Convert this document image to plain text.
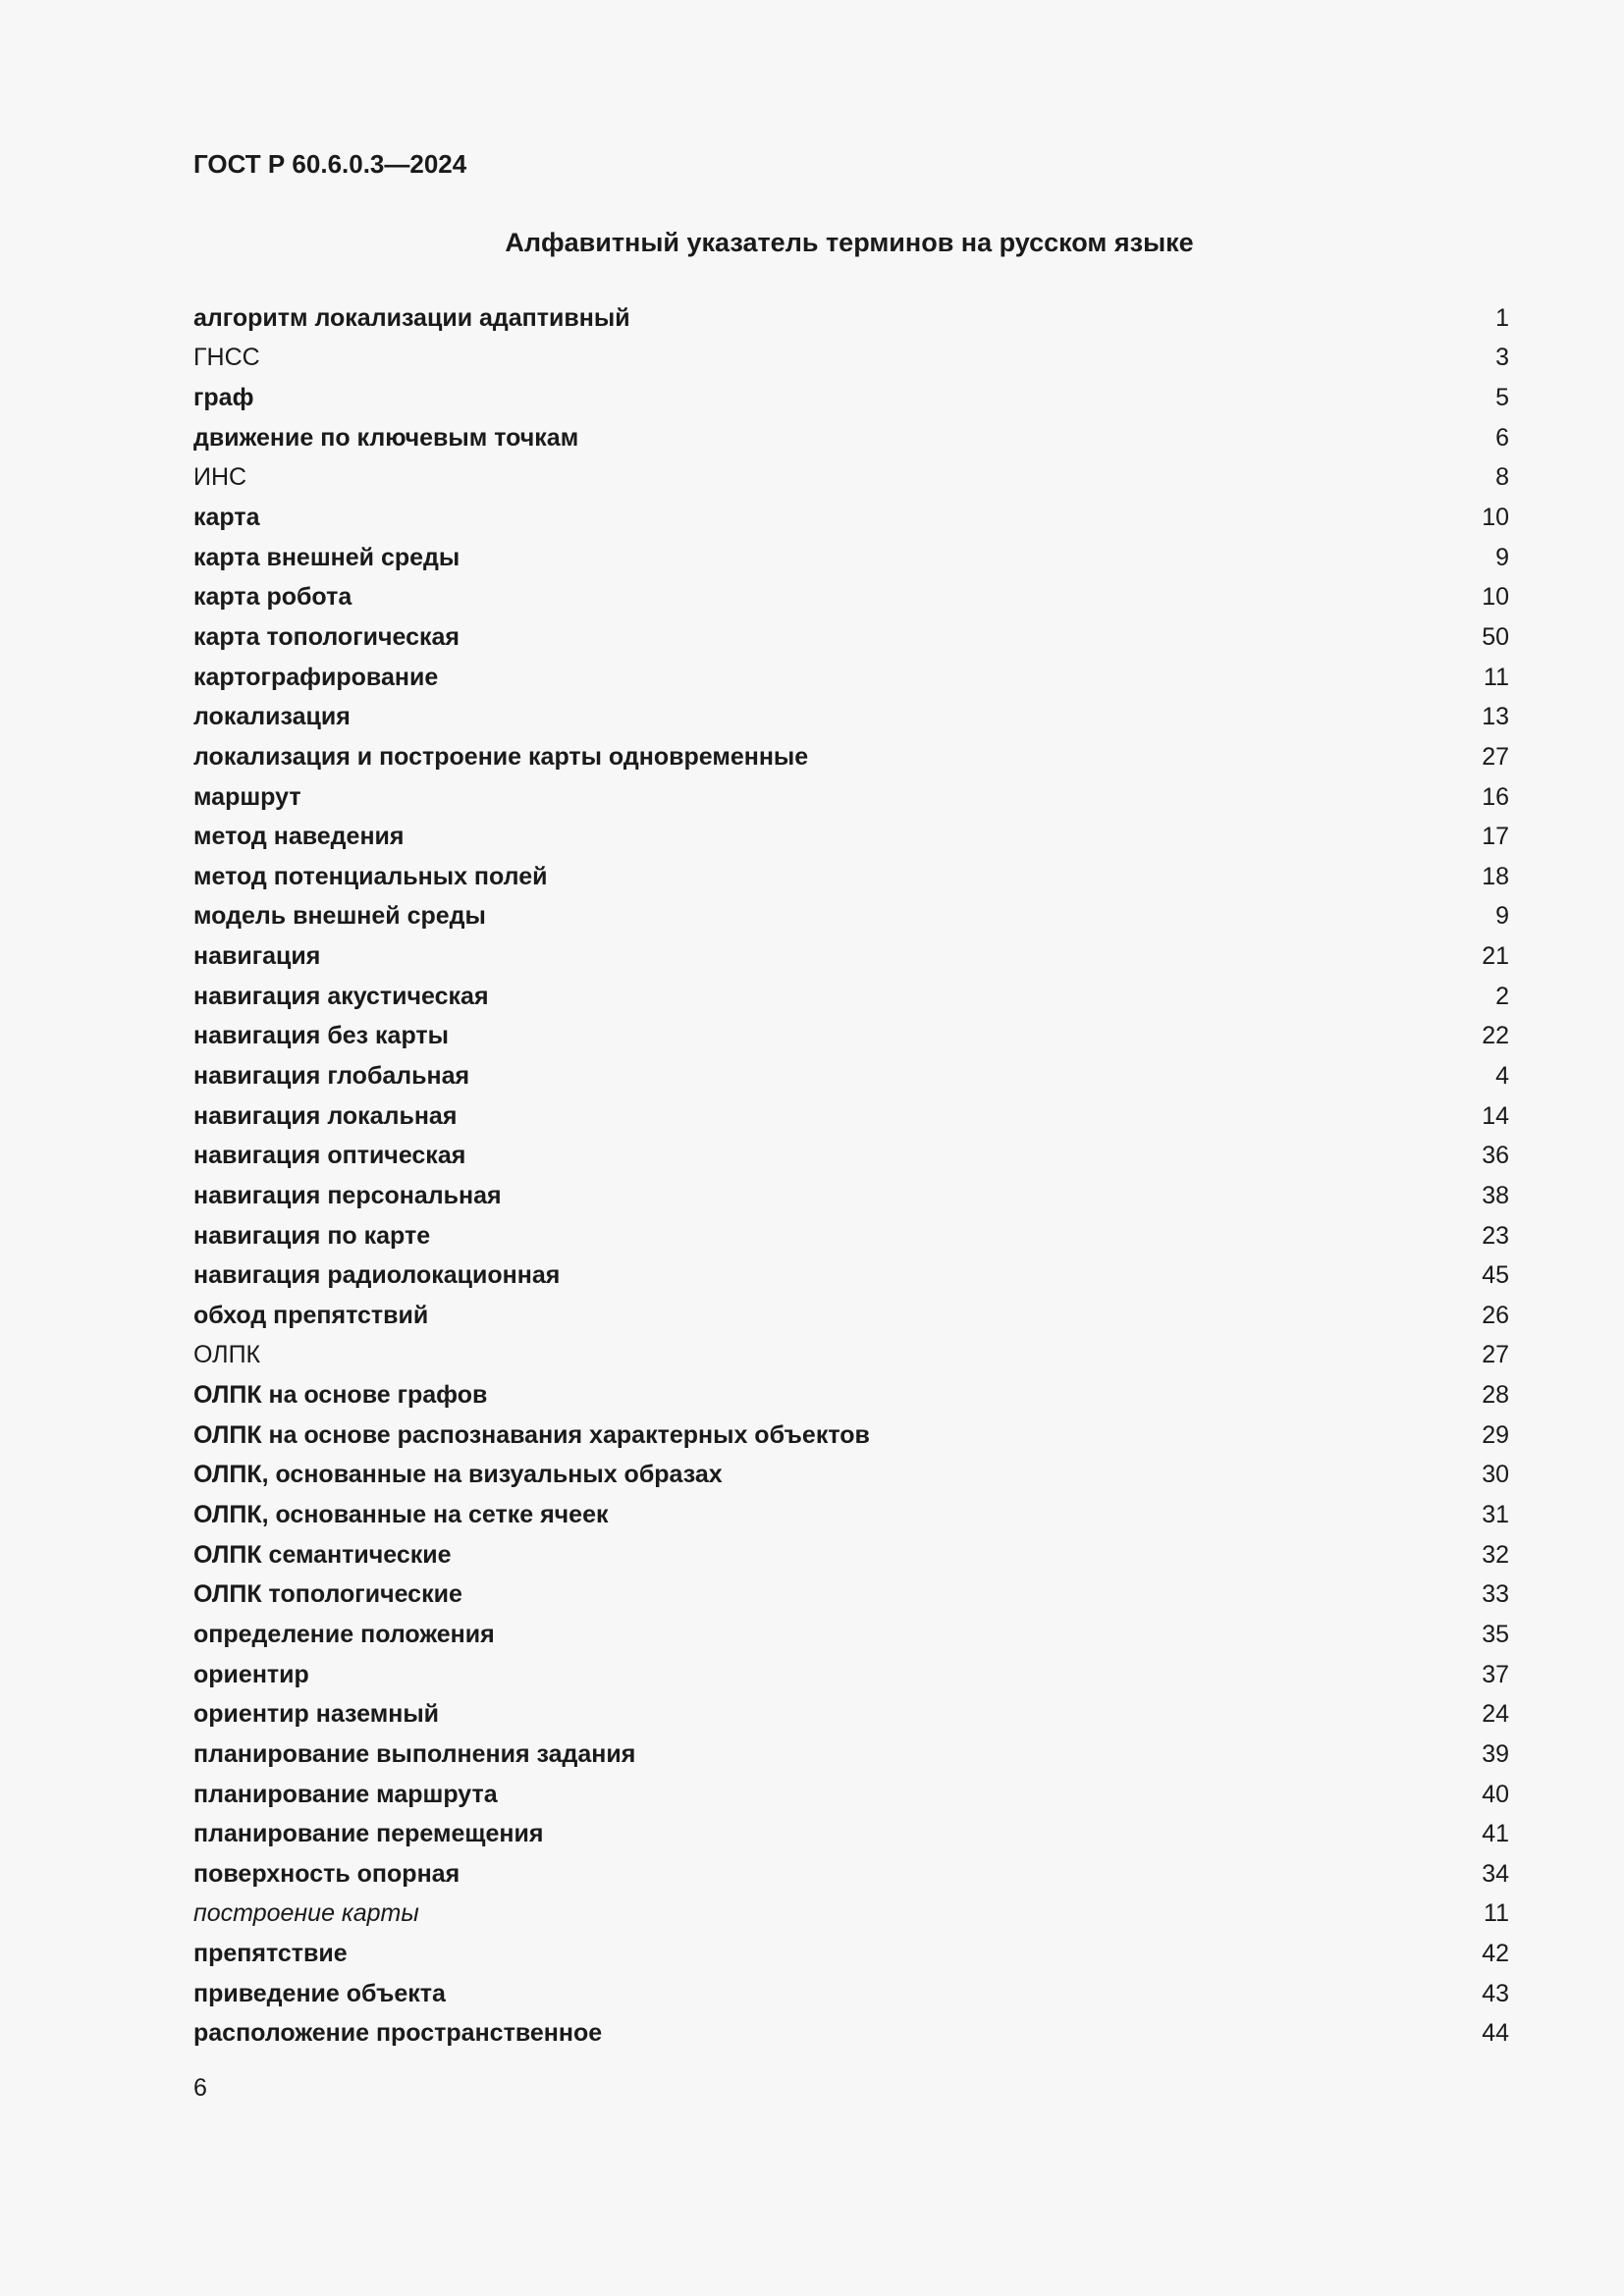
ГОСТ Р 60.6.0.3—2024
Алфавитный указатель терминов на русском языке
алгоритм локализации адаптивный	1
ГНСС	3
граф	5
движение по ключевым точкам	6
ИНС	8
карта	10
карта внешней среды	9
карта робота	10
карта топологическая	50
картографирование	11
локализация	13
локализация и построение карты одновременные	27
маршрут	16
метод наведения	17
метод потенциальных полей	18
модель внешней среды	9
навигация	21
навигация акустическая	2
навигация без карты	22
навигация глобальная	4
навигация локальная	14
навигация оптическая	36
навигация персональная	38
навигация по карте	23
навигация радиолокационная	45
обход препятствий	26
ОЛПК	27
ОЛПК на основе графов	28
ОЛПК на основе распознавания характерных объектов	29
ОЛПК, основанные на визуальных образах	30
ОЛПК, основанные на сетке ячеек	31
ОЛПК семантические	32
ОЛПК топологические	33
определение положения	35
ориентир	37
ориентир наземный	24
планирование выполнения задания	39
планирование маршрута	40
планирование перемещения	41
поверхность опорная	34
построение карты	11
препятствие	42
приведение объекта	43
расположение пространственное	44
6
